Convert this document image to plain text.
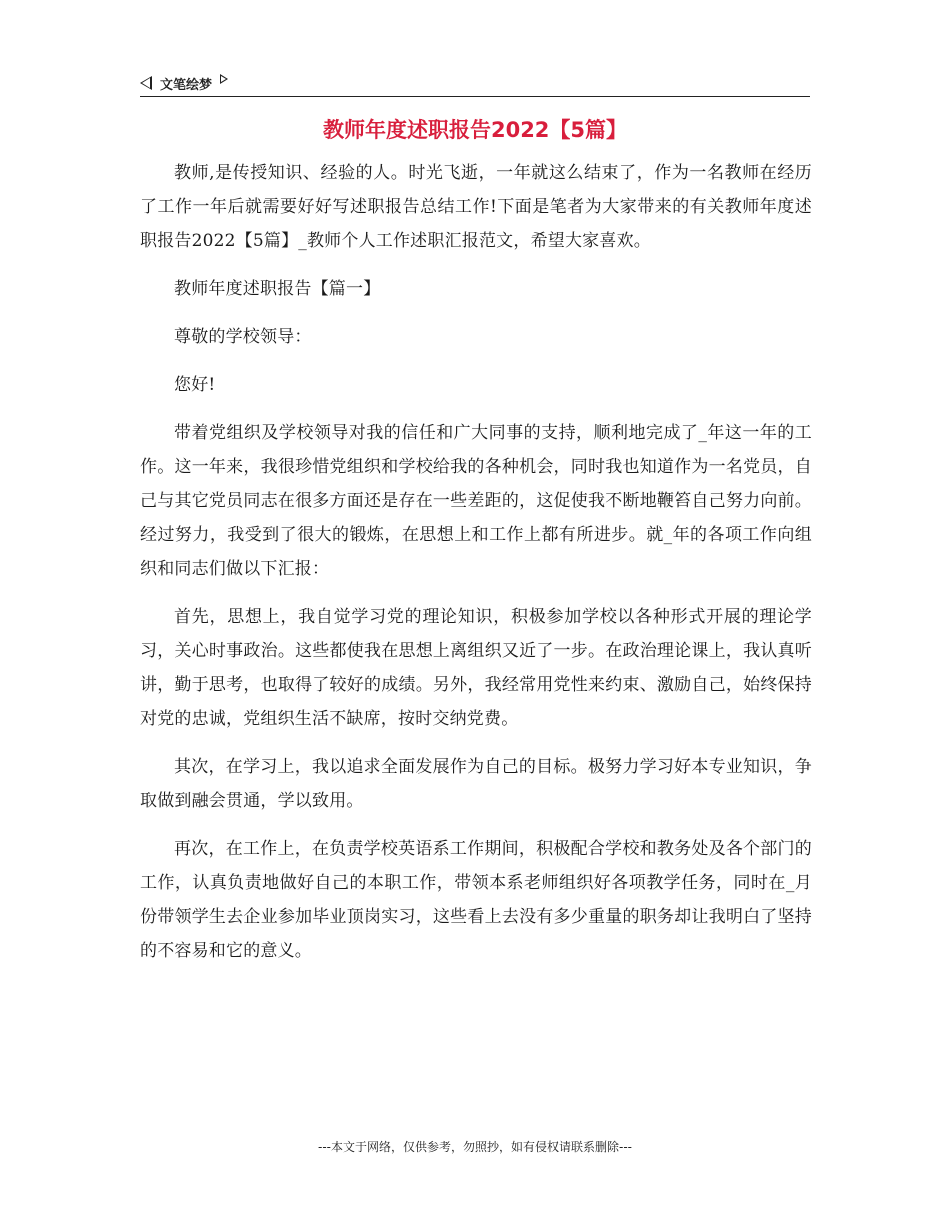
文笔绘梦
教师年度述职报告2022【5篇】

教师,是传授知识、经验的人。时光飞逝，一年就这么结束了，作为一名教师在经历了工作一年后就需要好好写述职报告总结工作!下面是笔者为大家带来的有关教师年度述职报告2022【5篇】_教师个人工作述职汇报范文，希望大家喜欢。

教师年度述职报告【篇一】

尊敬的学校领导：

您好!

带着党组织及学校领导对我的信任和广大同事的支持，顺利地完成了_年这一年的工作。这一年来，我很珍惜党组织和学校给我的各种机会，同时我也知道作为一名党员，自己与其它党员同志在很多方面还是存在一些差距的，这促使我不断地鞭笞自己努力向前。经过努力，我受到了很大的锻炼，在思想上和工作上都有所进步。就_年的各项工作向组织和同志们做以下汇报：

首先，思想上，我自觉学习党的理论知识，积极参加学校以各种形式开展的理论学习，关心时事政治。这些都使我在思想上离组织又近了一步。在政治理论课上，我认真听讲，勤于思考，也取得了较好的成绩。另外，我经常用党性来约束、激励自己，始终保持对党的忠诚，党组织生活不缺席，按时交纳党费。

其次，在学习上，我以追求全面发展作为自己的目标。极努力学习好本专业知识，争取做到融会贯通，学以致用。

再次，在工作上，在负责学校英语系工作期间，积极配合学校和教务处及各个部门的工作，认真负责地做好自己的本职工作，带领本系老师组织好各项教学任务，同时在_月份带领学生去企业参加毕业顶岗实习，这些看上去没有多少重量的职务却让我明白了坚持的不容易和它的意义。

---本文于网络，仅供参考，勿照抄，如有侵权请联系删除---
